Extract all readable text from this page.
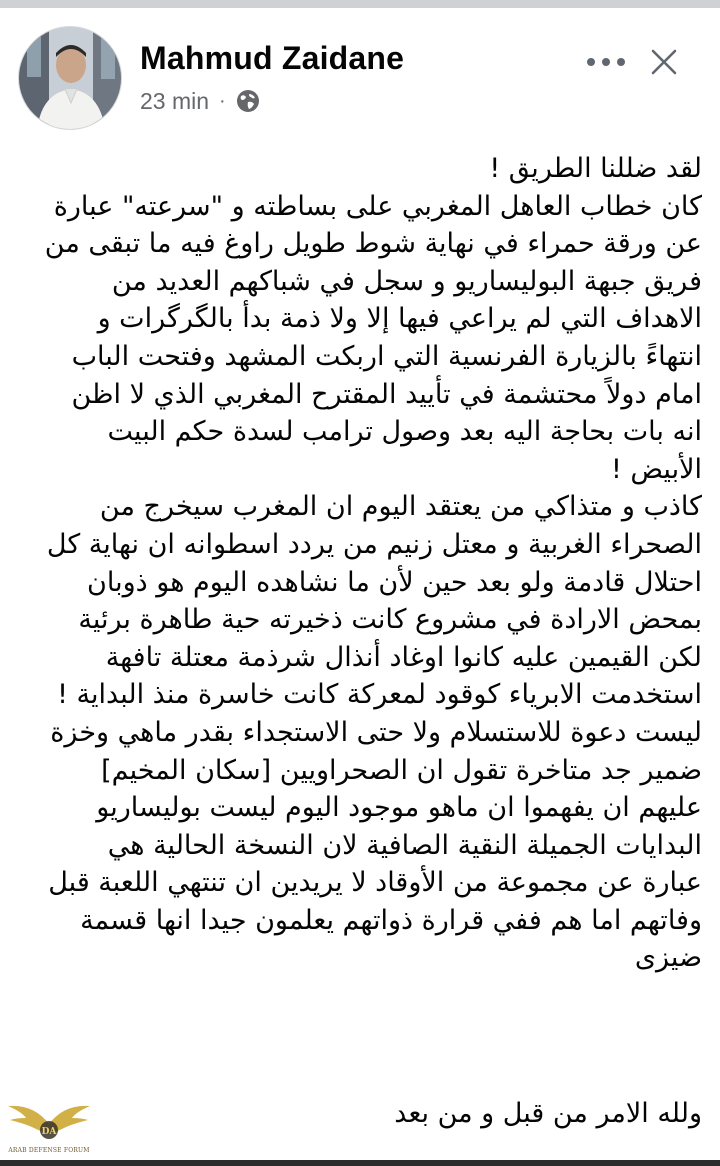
Mahmud Zaidane
23 min ·
لقد ضللنا الطريق !
كان خطاب العاهل المغربي على بساطته و "سرعته" عبارة
عن ورقة حمراء في نهاية شوط طويل راوغ فيه ما تبقى من
فريق جبهة البوليساريو و سجل في شباكهم العديد من
الاهداف التي لم يراعي فيها إلا ولا ذمة بدأ بالگرگرات و
انتهاءً بالزيارة الفرنسية التي اربكت المشهد وفتحت الباب
امام دولاً محتشمة في تأييد المقترح المغربي الذي لا اظن
انه بات بحاجة اليه بعد وصول ترامب لسدة حكم البيت
الأبيض !
كاذب و متذاكي من يعتقد اليوم ان المغرب سيخرج من
الصحراء الغربية و معتل زنيم من يردد اسطوانه ان نهاية كل
احتلال قادمة ولو بعد حين لأن ما نشاهده اليوم هو ذوبان
بمحض الارادة في مشروع كانت ذخيرته حية طاهرة برئية
لكن القيمين عليه كانوا اوغاد أنذال شرذمة معتلة تافهة
استخدمت الابرياء كوقود لمعركة كانت خاسرة منذ البداية !
ليست دعوة للاستسلام ولا حتى الاستجداء بقدر ماهي وخزة
ضمير جد متاخرة تقول ان الصحراويين [سكان المخيم]
عليهم ان يفهموا ان ماهو موجود اليوم ليست بوليساريو
البدايات الجميلة النقية الصافية لان النسخة الحالية هي
عبارة عن مجموعة من الأوقاد لا يريدين ان تنتهي اللعبة قبل
وفاتهم اما هم ففي قرارة ذواتهم يعلمون جيدا انها قسمة
ضيزى
ولله الامر من قبل و من بعد
DA
ARAB DEFENSE FORUM
